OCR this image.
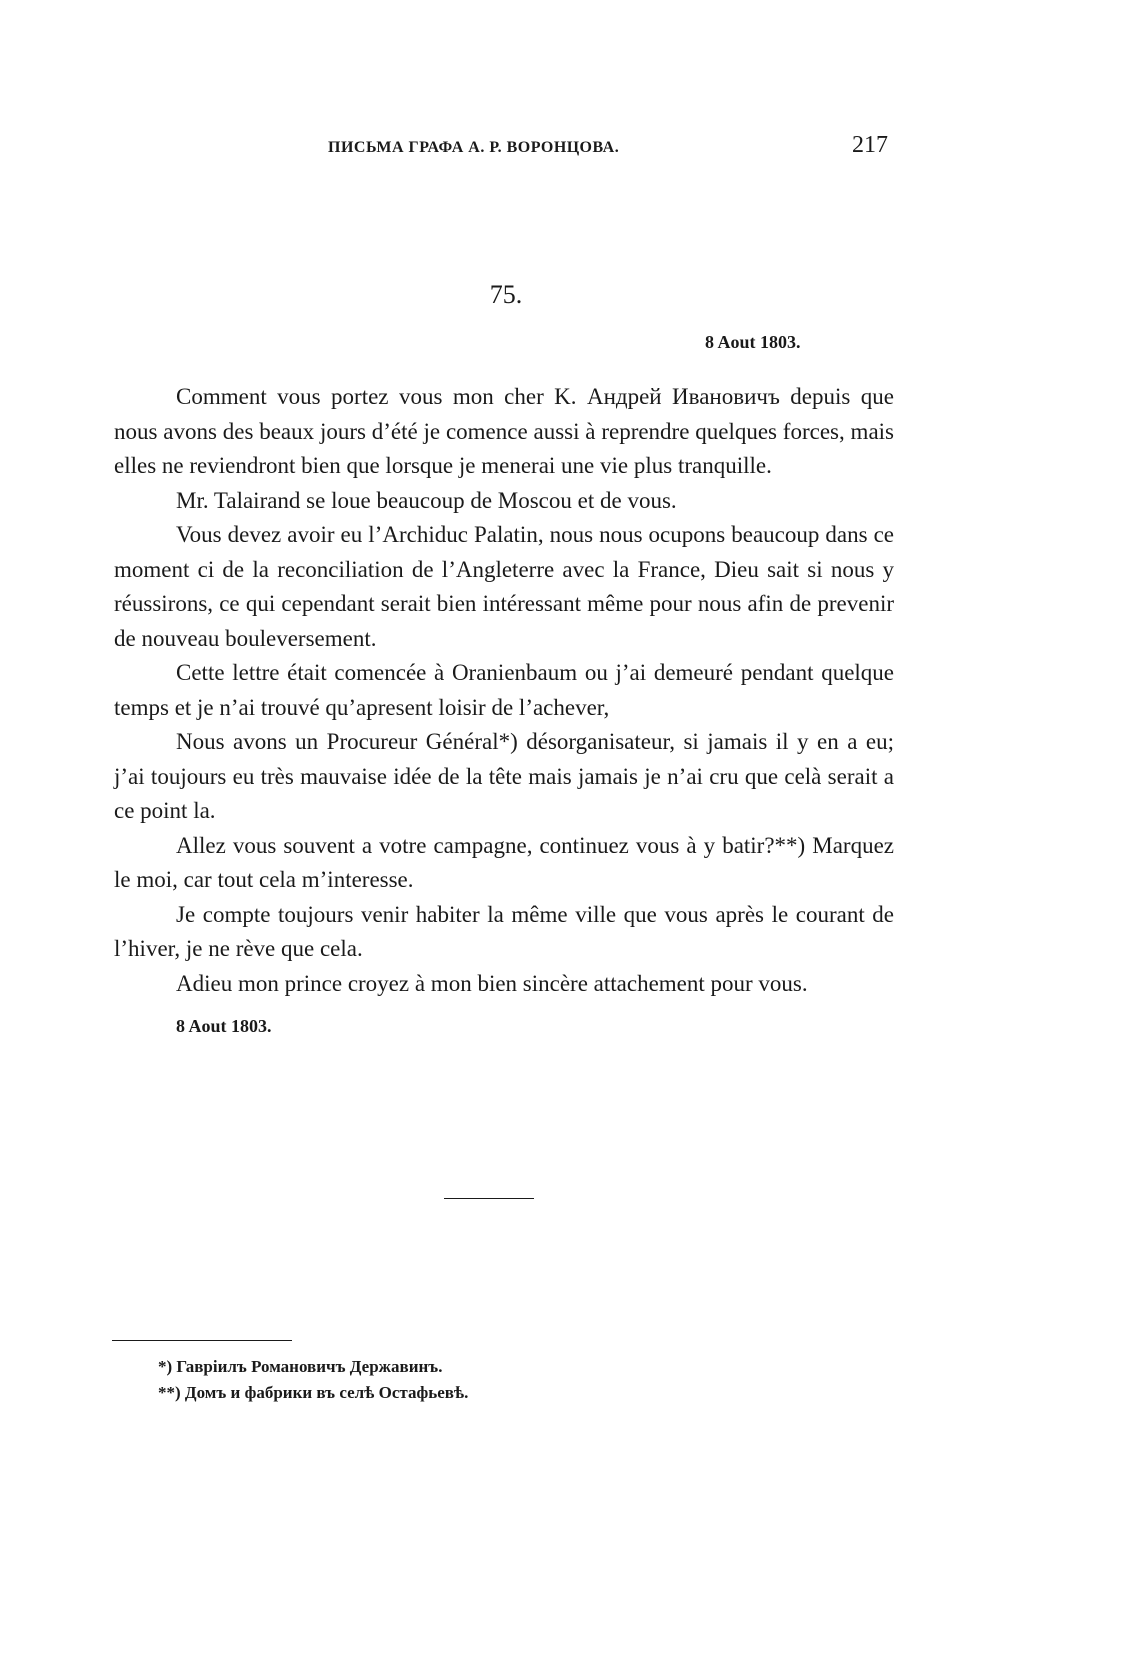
ПИСЬМА ГРАФА А. Р. ВОРОНЦОВА.	217
75.
8 Aout 1803.

Comment vous portez vous mon cher K. Андрей Ивановичъ depuis que nous avons des beaux jours d’été je comence aussi à reprendre quelques forces, mais elles ne reviendront bien que lorsque je menerai une vie plus tranquille.

Mr. Talairand se loue beaucoup de Moscou et de vous.

Vous devez avoir eu l’Archiduc Palatin, nous nous ocupons beaucoup dans ce moment ci de la reconciliation de l’Angleterre avec la France, Dieu sait si nous y réussirons, ce qui cependant serait bien intéressant même pour nous afin de prevenir de nouveau bouleversement.

Cette lettre était comencée à Oranienbaum ou j’ai demeuré pendant quelque temps et je n’ai trouvé qu’apresent loisir de l’achever,

Nous avons un Procureur Général*) désorganisateur, si jamais il y en a eu; j’ai toujours eu très mauvaise idée de la tête mais jamais je n’ai cru que celà serait a ce point la.

Allez vous souvent a votre campagne, continuez vous à y batir?**) Marquez le moi, car tout cela m’interesse.

Je compte toujours venir habiter la même ville que vous après le courant de l’hiver, je ne rève que cela.

Adieu mon prince croyez à mon bien sincère attachement pour vous.

8 Aout 1803.

*) Гавріилъ Романовичъ Державинъ.

**) Домъ и фабрики въ селѣ Остафьевѣ.
